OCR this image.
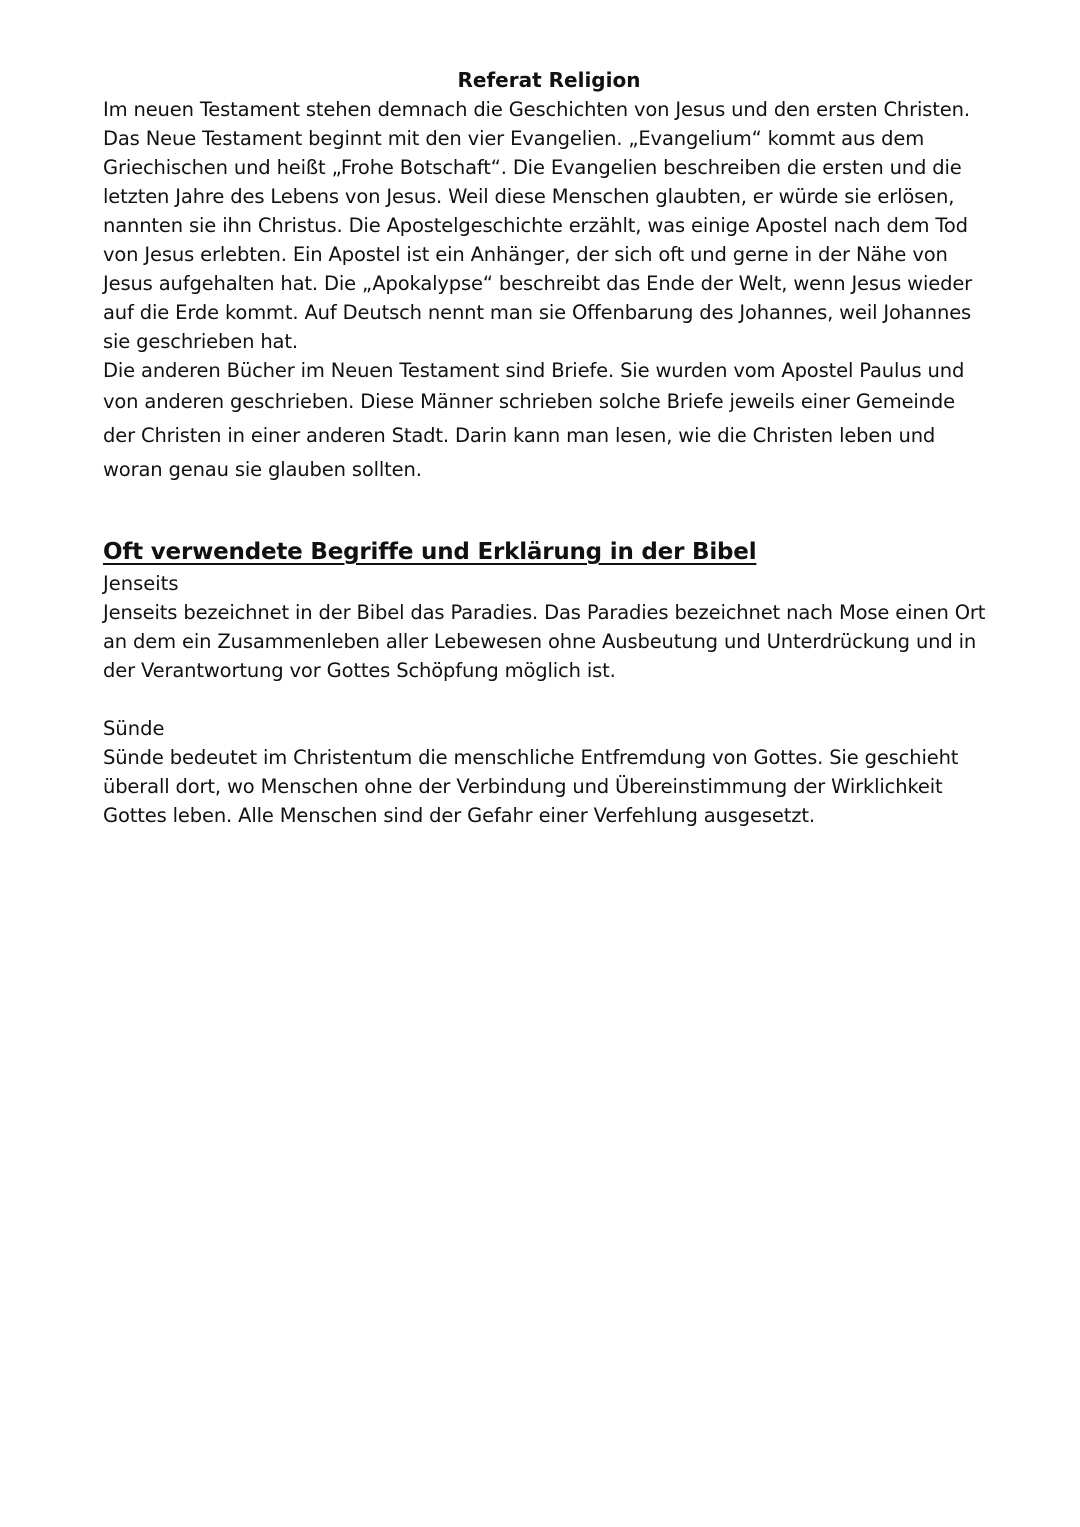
Referat Religion

Im neuen Testament stehen demnach die Geschichten von Jesus und den ersten Christen.
Das Neue Testament beginnt mit den vier Evangelien. „Evangelium“ kommt aus dem
Griechischen und heißt „Frohe Botschaft“. Die Evangelien beschreiben die ersten und die
letzten Jahre des Lebens von Jesus. Weil diese Menschen glaubten, er würde sie erlösen,
nannten sie ihn Christus. Die Apostelgeschichte erzählt, was einige Apostel nach dem Tod
von Jesus erlebten. Ein Apostel ist ein Anhänger, der sich oft und gerne in der Nähe von
Jesus aufgehalten hat. Die „Apokalypse“ beschreibt das Ende der Welt, wenn Jesus wieder
auf die Erde kommt. Auf Deutsch nennt man sie Offenbarung des Johannes, weil Johannes
sie geschrieben hat.
Die anderen Bücher im Neuen Testament sind Briefe. Sie wurden vom Apostel Paulus und

von anderen geschrieben. Diese Männer schrieben solche Briefe jeweils einer Gemeinde
der Christen in einer anderen Stadt. Darin kann man lesen, wie die Christen leben und
woran genau sie glauben sollten.

Oft verwendete Begriffe und Erklärung in der Bibel

Jenseits

Jenseits bezeichnet in der Bibel das Paradies. Das Paradies bezeichnet nach Mose einen Ort
an dem ein Zusammenleben aller Lebewesen ohne Ausbeutung und Unterdrückung und in
der Verantwortung vor Gottes Schöpfung möglich ist.

Sünde

Sünde bedeutet im Christentum die menschliche Entfremdung von Gottes. Sie geschieht
überall dort, wo Menschen ohne der Verbindung und Übereinstimmung der Wirklichkeit
Gottes leben. Alle Menschen sind der Gefahr einer Verfehlung ausgesetzt.
